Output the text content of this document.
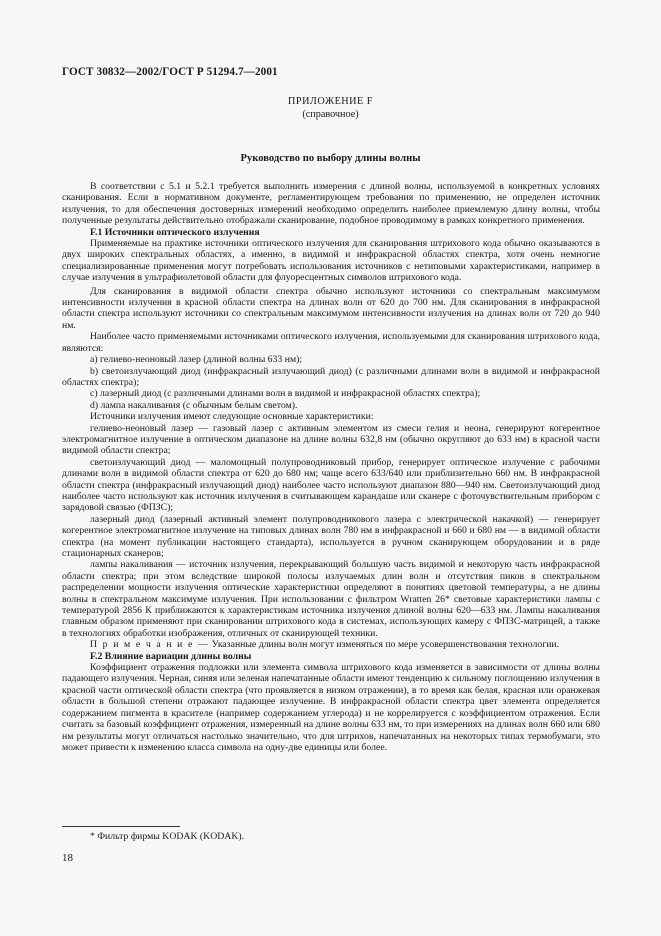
ГОСТ 30832—2002/ГОСТ Р 51294.7—2001
ПРИЛОЖЕНИЕ F
(справочное)
Руководство по выбору длины волны

В соответствии с 5.1 и 5.2.1 требуется выполнить измерения с длиной волны, используемой в конкретных условиях сканирования. Если в нормативном документе, регламентирующем требования по применению, не определен источник излучения, то для обеспечения достоверных измерений необходимо определить наиболее приемлемую длину волны, чтобы полученные результаты действительно отображали сканирование, подобное проводимому в рамках конкретного применения.

F.1 Источники оптического излучения

Применяемые на практике источники оптического излучения для сканирования штрихового кода обычно оказываются в двух широких спектральных областях, а именно, в видимой и инфракрасной областях спектра, хотя очень немногие специализированные применения могут потребовать использования источников с нетиповыми характеристиками, например в случае излучения в ультрафиолетовой области для флуоресцентных символов штрихового кода.

Для сканирования в видимой области спектра обычно используют источники со спектральным максимумом интенсивности излучения в красной области спектра на длинах волн от 620 до 700 нм. Для сканирования в инфракрасной области спектра используют источники со спектральным максимумом интенсивности излучения на длинах волн от 720 до 940 нм.

Наиболее часто применяемыми источниками оптического излучения, используемыми для сканирования штрихового кода, являются:

a) гелиево-неоновый лазер (длиной волны 633 нм);

b) светоизлучающий диод (инфракрасный излучающий диод) (с различными длинами волн в видимой и инфракрасной областях спектра);

c) лазерный диод (с различными длинами волн в видимой и инфракрасной областях спектра);

d) лампа накаливания (с обычным белым светом).

Источники излучения имеют следующие основные характеристики:

гелиево-неоновый лазер — газовый лазер с активным элементом из смеси гелия и неона, генерируют когерентное электромагнитное излучение в оптическом диапазоне на длине волны 632,8 нм (обычно округляют до 633 нм) в красной части видимой области спектра;

светоизлучающий диод — маломощный полупроводниковый прибор, генерирует оптическое излучение с рабочими длинами волн в видимой области спектра от 620 до 680 нм; чаще всего 633/640 или приблизительно 660 нм. В инфракрасной области спектра (инфракрасный излучающий диод) наиболее часто используют диапазон 880—940 нм. Светоизлучающий диод наиболее часто используют как источник излучения в считывающем карандаше или сканере с фоточувствительным прибором с зарядовой связью (ФПЗС);

лазерный диод (лазерный активный элемент полупроводникового лазера с электрической накачкой) — генерирует когерентное электромагнитное излучение на типовых длинах волн 780 нм в инфракрасной и 660 и 680 нм — в видимой области спектра (на момент публикации настоящего стандарта), используется в ручном сканирующем оборудовании и в ряде стационарных сканеров;

лампы накаливания — источник излучения, перекрывающий большую часть видимой и некоторую часть инфракрасной области спектра; при этом вследствие широкой полосы излучаемых длин волн и отсутствия пиков в спектральном распределении мощности излучения оптические характеристики определяют в понятиях цветовой температуры, а не длины волны в спектральном максимуме излучения. При использовании с фильтром Wratten 26* световые характеристики лампы с температурой 2856 К приближаются к характеристикам источника излучения длиной волны 620—633 нм. Лампы накаливания главным образом применяют при сканировании штрихового кода в системах, использующих камеру с ФПЗС-матрицей, а также в технологиях обработки изображения, отличных от сканирующей техники.

П р и м е ч а н и е — Указанные длины волн могут изменяться по мере усовершенствования технологии.

F.2 Влияние вариации длины волны

Коэффициент отражения подложки или элемента символа штрихового кода изменяется в зависимости от длины волны падающего излучения. Черная, синяя или зеленая напечатанные области имеют тенденцию к сильному поглощению излучения в красной части оптической области спектра (что проявляется в низком отражении), в то время как белая, красная или оранжевая области в большой степени отражают падающее излучение. В инфракрасной области спектра цвет элемента определяется содержанием пигмента в красителе (например содержанием углерода) и не коррелируется с коэффициентом отражения. Если считать за базовый коэффициент отражения, измеренный на длине волны 633 нм, то при измерениях на длинах волн 660 или 680 нм результаты могут отличаться настолько значительно, что для штрихов, напечатанных на некоторых типах термобумаги, это может привести к изменению класса символа на одну-две единицы или более.

* Фильтр фирмы KODAK (KODAK).
18
